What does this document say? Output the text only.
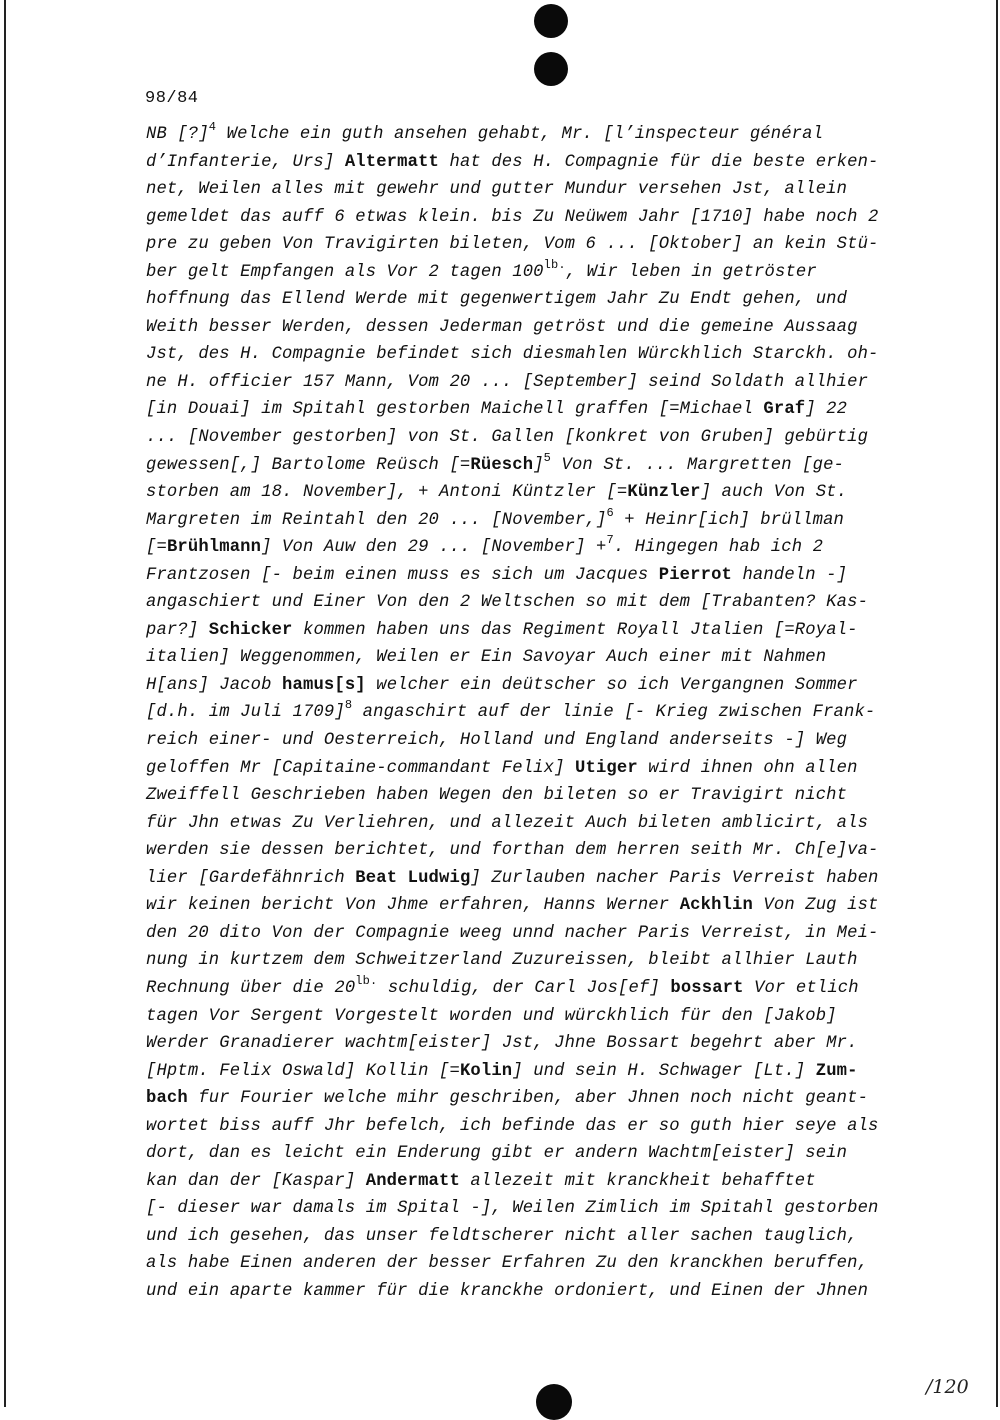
98/84
NB [?]$^4$ Welche ein guth ansehen gehabt, Mr. [l’inspecteur général
d’Infanterie, Urs] Altermatt hat des H. Compagnie für die beste erken-
net, Weilen alles mit gewehr und gutter Mundur versehen Jst, allein
gemeldet das auff 6 etwas klein. bis Zu Neüwem Jahr [1710] habe noch 2
pre zu geben Von Travigirten bileten, Vom 6 ... [Oktober] an kein Stü-
ber gelt Empfangen als Vor 2 tagen $100^{lb.}$, Wir leben in getröster
hoffnung das Ellend Werde mit gegenwertigem Jahr Zu Endt gehen, und
Weith besser Werden, dessen Jederman getröst und die gemeine Aussaag
Jst, des H. Compagnie befindet sich diesmahlen Würckhlich Starckh. oh-
ne H. officier 157 Mann, Vom 20 ... [September] seind Soldath allhier
[in Douai] im Spitahl gestorben Maichell graffen [=Michael Graf] 22
... [November gestorben] von St. Gallen [konkret von Gruben] gebürtig
gewessen[,] Bartolome Reüsch [=Rüesch]$^5$ Von St. ... Margretten [ge-
storben am 18. November], + Antoni Küntzler [=Künzler] auch Von St.
Margreten im Reintahl den 20 ... [November,]$^6$ + Heinr[ich] brüllman
[=Brühlmann] Von Auw den 29 ... [November] +$^7$. Hingegen hab ich 2
Frantzosen [- beim einen muss es sich um Jacques Pierrot handeln -]
angaschiert und Einer Von den 2 Weltschen so mit dem [Trabanten? Kas-
par?] Schicker kommen haben uns das Regiment Royall Jtalien [=Royal-
italien] Weggenommen, Weilen er Ein Savoyar Auch einer mit Nahmen
H[ans] Jacob hamus[s] welcher ein deütscher so ich Vergangnen Sommer
[d.h. im Juli 1709]$^8$ angaschirt auf der linie [- Krieg zwischen Frank-
reich einer- und Oesterreich, Holland und England anderseits -] Weg
geloffen Mr [Capitaine-commandant Felix] Utiger wird ihnen ohn allen
Zweiffell Geschrieben haben Wegen den bileten so er Travigirt nicht
für Jhn etwas Zu Verliehren, und allezeit Auch bileten amblicirt, als
werden sie dessen berichtet, und forthan dem herren seith Mr. Ch[e]va-
lier [Gardefähnrich Beat Ludwig] Zurlauben nacher Paris Verreist haben
wir keinen bericht Von Jhme erfahren, Hanns Werner Ackhlin Von Zug ist
den 20 dito Von der Compagnie weeg unnd nacher Paris Verreist, in Mei-
nung in kurtzem dem Schweitzerland Zuzureissen, bleibt allhier Lauth
Rechnung über die $20^{lb.}$ schuldig, der Carl Jos[ef] bossart Vor etlich
tagen Vor Sergent Vorgestelt worden und würckhlich für den [Jakob]
Werder Granadierer wachtm[eister] Jst, Jhne Bossart begehrt aber Mr.
[Hptm. Felix Oswald] Kollin [=Kolin] und sein H. Schwager [Lt.] Zum-
bach fur Fourier welche mihr geschriben, aber Jhnen noch nicht geant-
wortet biss auff Jhr befelch, ich befinde das er so guth hier seye als
dort, dan es leicht ein Enderung gibt er andern Wachtm[eister] sein
kan dan der [Kaspar] Andermatt allezeit mit kranckheit behafftet
[- dieser war damals im Spital -], Weilen Zimlich im Spitahl gestorben
und ich gesehen, das unser feldtscherer nicht aller sachen tauglich,
als habe Einen anderen der besser Erfahren Zu den kranckhen beruffen,
und ein aparte kammer für die kranckhe ordoniert, und Einen der Jhnen
∕120
